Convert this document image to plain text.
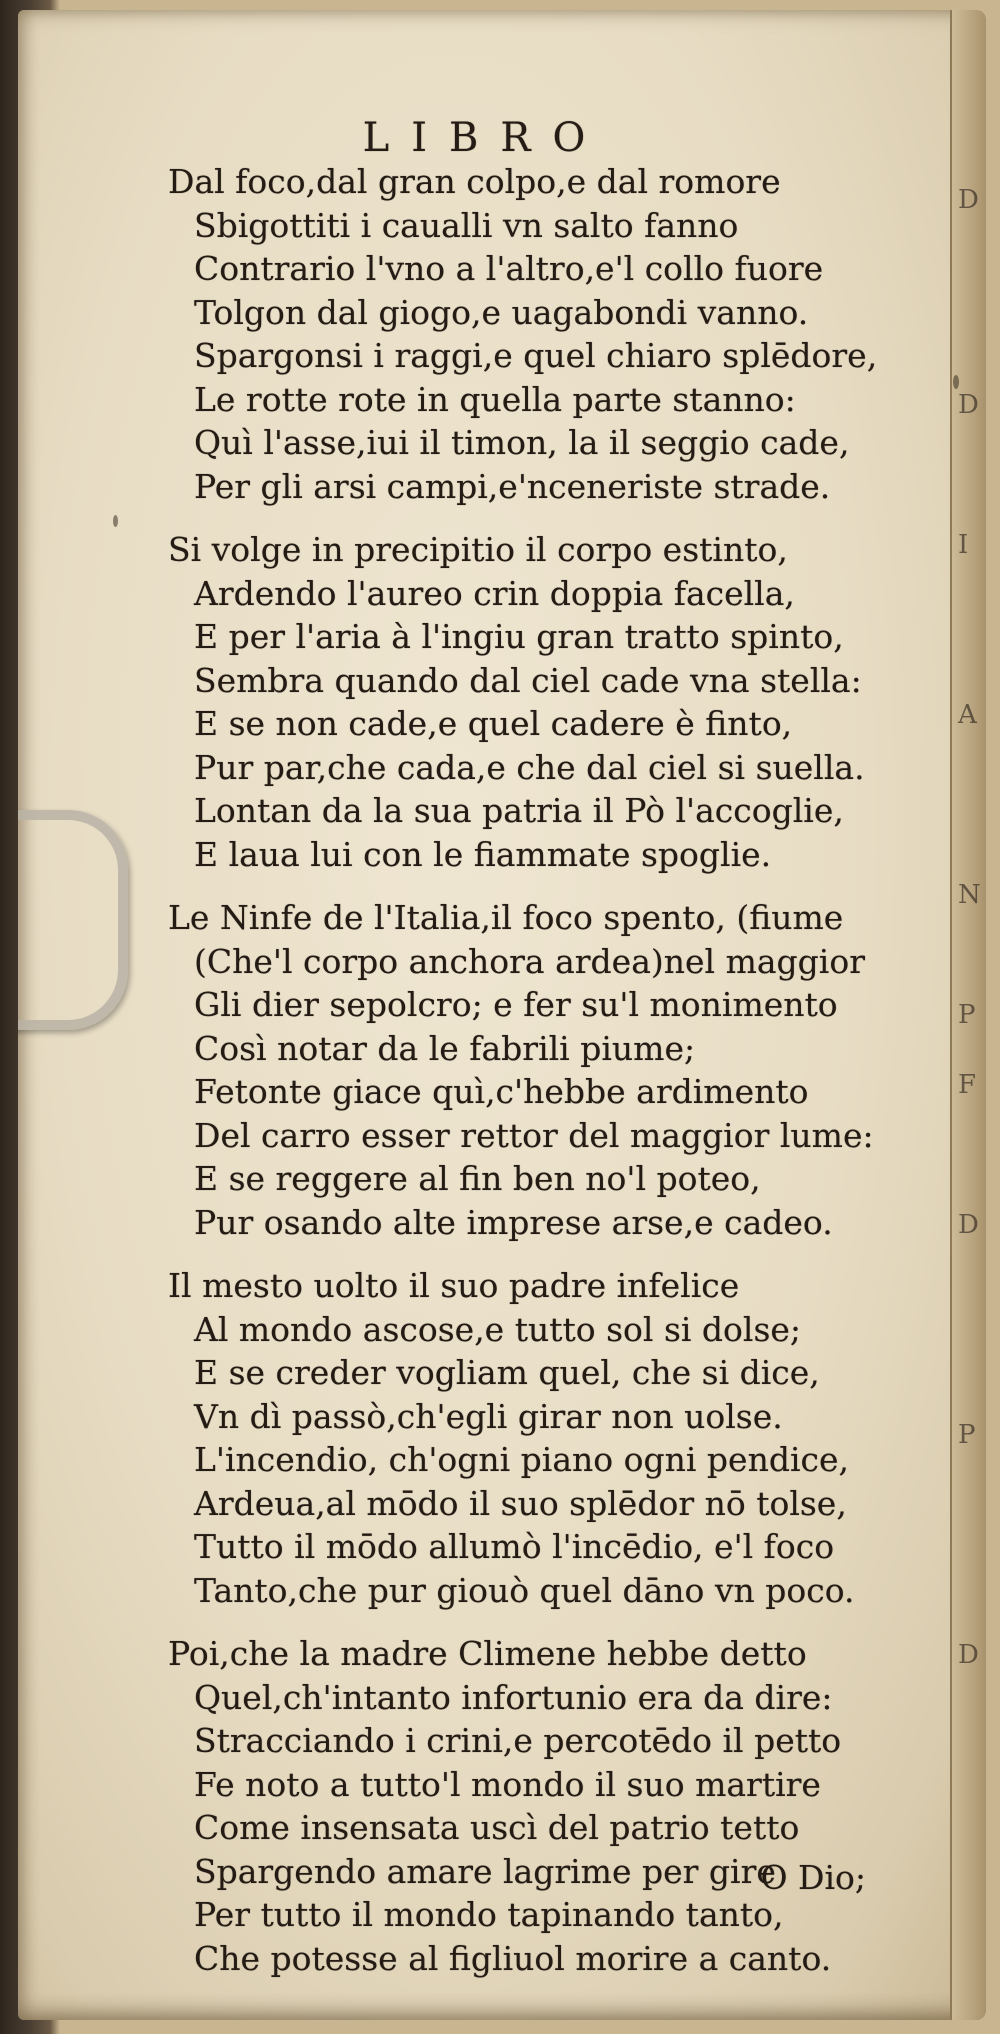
D
D
I
A
N
P
F
D
P
D
LIBRO
Dal foco,dal gran colpo,e dal romore
Sbigottiti i caualli vn salto fanno
Contrario l'vno a l'altro,e'l collo fuore
Tolgon dal giogo,e uagabondi vanno.
Spargonsi i raggi,e quel chiaro splēdore,
Le rotte rote in quella parte stanno:
Quì l'asse,iui il timon, la il seggio cade,
Per gli arsi campi,e'nceneriste strade.
Si volge in precipitio il corpo estinto,
Ardendo l'aureo crin doppia facella,
E per l'aria à l'ingiu gran tratto spinto,
Sembra quando dal ciel cade vna stella:
E se non cade,e quel cadere è finto,
Pur par,che cada,e che dal ciel si suella.
Lontan da la sua patria il Pò l'accoglie,
E laua lui con le fiammate spoglie.
Le Ninfe de l'Italia,il foco spento, (fiume
(Che'l corpo anchora ardea)nel maggior
Gli dier sepolcro; e fer su'l monimento
Così notar da le fabrili piume;
Fetonte giace quì,c'hebbe ardimento
Del carro esser rettor del maggior lume:
E se reggere al fin ben no'l poteo,
Pur osando alte imprese arse,e cadeo.
Il mesto uolto il suo padre infelice
Al mondo ascose,e tutto sol si dolse;
E se creder vogliam quel, che si dice,
Vn dì passò,ch'egli girar non uolse.
L'incendio, ch'ogni piano ogni pendice,
Ardeua,al mōdo il suo splēdor nō tolse,
Tutto il mōdo allumò l'incēdio, e'l foco
Tanto,che pur giouò quel dāno vn poco.
Poi,che la madre Climene hebbe detto
Quel,ch'intanto infortunio era da dire:
Stracciando i crini,e percotēdo il petto
Fe noto a tutto'l mondo il suo martire
Come insensata uscì del patrio tetto
Spargendo amare lagrime per gire
Per tutto il mondo tapinando tanto,
Che potesse al figliuol morire a canto.
O Dio;
